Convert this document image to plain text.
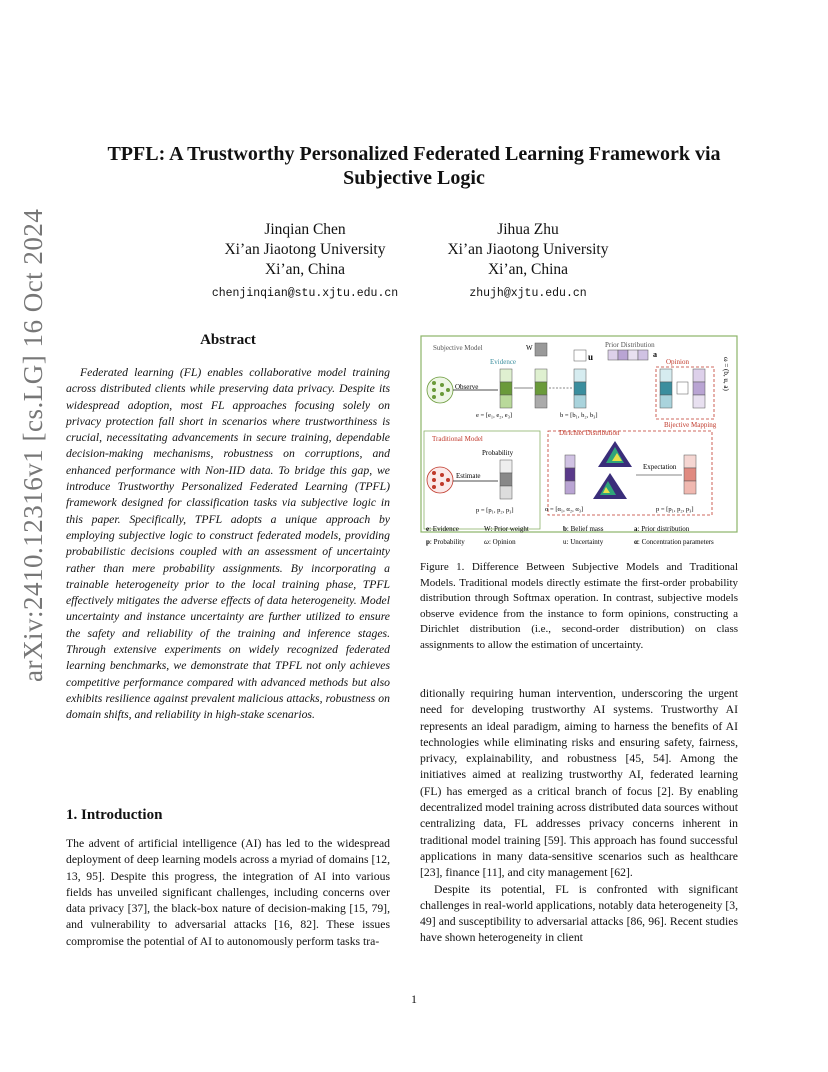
arXiv:2410.12316v1 [cs.LG] 16 Oct 2024
TPFL: A Trustworthy Personalized Federated Learning Framework via
Subjective Logic
Jinqian Chen
Xi’an Jiaotong University
Xi’an, China
chenjinqian@stu.xjtu.edu.cn
Jihua Zhu
Xi’an Jiaotong University
Xi’an, China
zhujh@xjtu.edu.cn
Abstract

Federated learning (FL) enables collaborative model training across distributed clients while preserving data privacy. Despite its widespread adoption, most FL approaches focusing solely on privacy protection fall short in scenarios where trustworthiness is crucial, necessitating advancements in secure training, dependable decision-making mechanisms, robustness on corruptions, and enhanced performance with Non-IID data. To bridge this gap, we introduce Trustworthy Personalized Federated Learning (TPFL) framework designed for classification tasks via subjective logic in this paper. Specifically, TPFL adopts a unique approach by employing subjective logic to construct federated models, providing probabilistic decisions coupled with an assessment of uncertainty rather than mere probability assignments. By incorporating a trainable heterogeneity prior to the local training phase, TPFL effectively mitigates the adverse effects of data heterogeneity. Model uncertainty and instance uncertainty are further utilized to ensure the safety and reliability of the training and inference stages. Through extensive experiments on widely recognized federated learning benchmarks, we demonstrate that TPFL not only achieves competitive performance compared with advanced methods but also exhibits resilience against prevalent malicious attacks, robustness on domain shifts, and reliability in high-stake scenarios.

1. Introduction

The advent of artificial intelligence (AI) has led to the widespread deployment of deep learning models across a myriad of domains [12, 13, 95]. Despite this progress, the integration of AI into various fields has unveiled significant challenges, including concerns over data privacy [37], the black-box nature of decision-making [15, 79], and vulnerability to adversarial attacks [16, 82]. These issues compromise the potential of AI to autonomously perform tasks tra-

Subjective Model
Evidence
W	Prior Distribution
u	a
Opinion	ω = (b, u, a)
Bijective Mapping
Dirichlet Distribution
Expectation
Observe
e = [e₁, e₂, e₃]	b = [b₁, b₂, b₃]
Traditional Model
Probability
Estimate
p = [p₁, p₂, p₃]	α = [α₁, α₂, α₃]	p = [p₁, p₂, p₃]
e: Evidence	W: Prior weight	b: Belief mass	a: Prior distribution
p: Probability	ω: Opinion	u: Uncertainty	α: Concentration parameters

Figure 1. Difference Between Subjective Models and Traditional Models. Traditional models directly estimate the first-order probability distribution through Softmax operation. In contrast, subjective models observe evidence from the instance to form opinions, constructing a Dirichlet distribution (i.e., second-order distribution) on class assignments to allow the estimation of uncertainty.

ditionally requiring human intervention, underscoring the urgent need for developing trustworthy AI systems. Trustworthy AI represents an ideal paradigm, aiming to harness the benefits of AI technologies while eliminating risks and ensuring safety, fairness, privacy, explainability, and robustness [45, 54]. Among the initiatives aimed at realizing trustworthy AI, federated learning (FL) has emerged as a critical branch of focus [2]. By enabling decentralized model training across distributed data sources without centralizing data, FL addresses privacy concerns inherent in traditional model training [59]. This approach has found successful applications in many data-sensitive scenarios such as healthcare [23], finance [11], and city management [62].

Despite its potential, FL is confronted with significant challenges in real-world applications, notably data heterogeneity [3, 49] and susceptibility to adversarial attacks [86, 96]. Recent studies have shown heterogeneity in client

1
